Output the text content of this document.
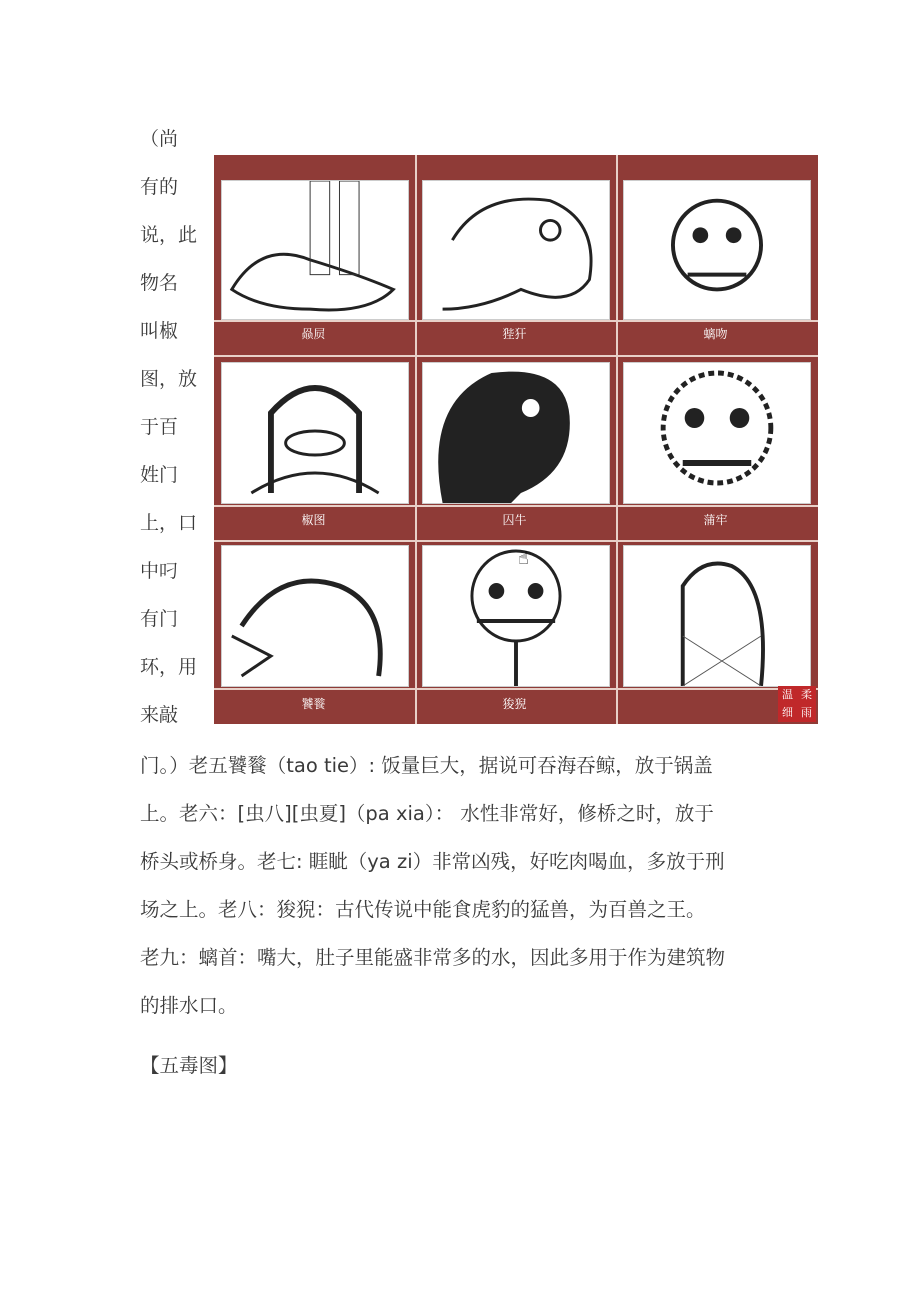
（尚
有的
说，此
物名
叫椒
图，放
于百
姓门
上，口
中叼
有门
环，用
来敲
赑屃	狴犴	螭吻
椒图	囚牛	蒲牢
饕餮	狻猊
温 柔
细 雨
☝
门。）老五饕餮（tao tie）: 饭量巨大，据说可吞海吞鲸，放于锅盖
上。老六：[虫八][虫夏]（pa xia）： 水性非常好，修桥之时，放于
桥头或桥身。老七: 睚眦（ya zi）非常凶残，好吃肉喝血，多放于刑
场之上。老八：狻猊：古代传说中能食虎豹的猛兽，为百兽之王。
老九：螭首：嘴大，肚子里能盛非常多的水，因此多用于作为建筑物
的排水口。
【五毒图】
